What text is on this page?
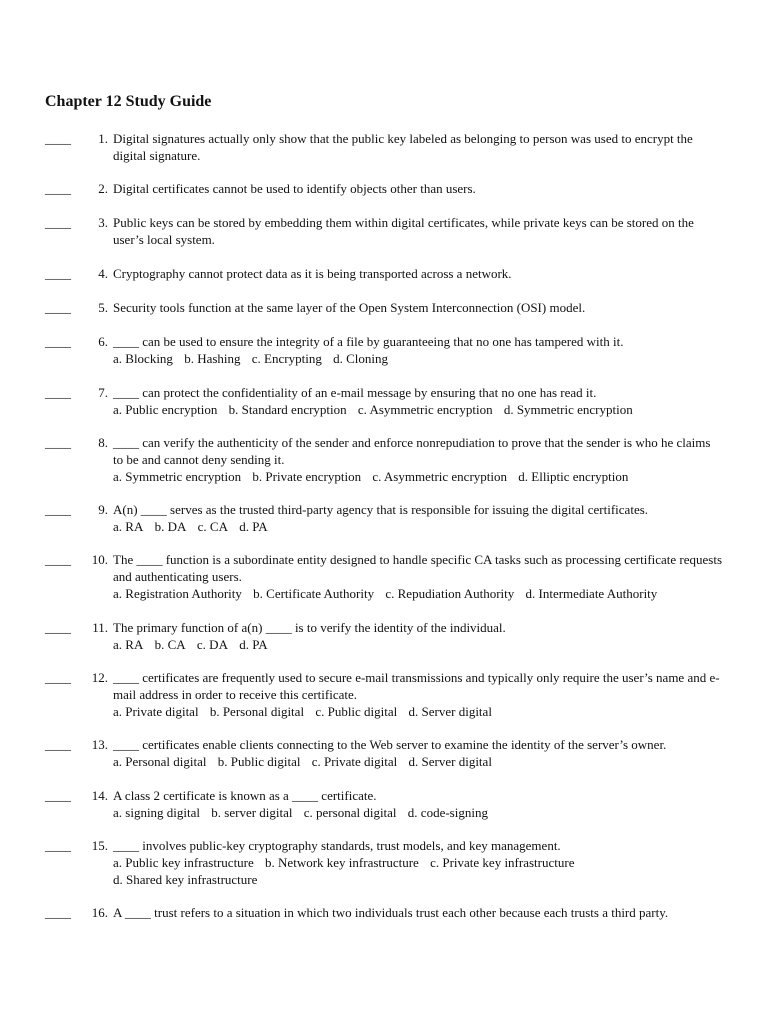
Chapter 12 Study Guide
____	1. Digital signatures actually only show that the public key labeled as belonging to person was used to encrypt the digital signature.
____	2. Digital certificates cannot be used to identify objects other than users.
____	3. Public keys can be stored by embedding them within digital certificates, while private keys can be stored on the user’s local system.
____	4. Cryptography cannot protect data as it is being transported across a network.
____	5. Security tools function at the same layer of the Open System Interconnection (OSI) model.
____	6. ____ can be used to ensure the integrity of a file by guaranteeing that no one has tampered with it.
a. Blocking b. Hashing c. Encrypting d. Cloning
____	7. ____ can protect the confidentiality of an e-mail message by ensuring that no one has read it.
a. Public encryption b. Standard encryption c. Asymmetric encryption d. Symmetric encryption
____	8. ____ can verify the authenticity of the sender and enforce nonrepudiation to prove that the sender is who he claims to be and cannot deny sending it.
a. Symmetric encryption b. Private encryption c. Asymmetric encryption d. Elliptic encryption
____	9. A(n) ____ serves as the trusted third-party agency that is responsible for issuing the digital certificates.
a. RA b. DA c. CA d. PA
____	10. The ____ function is a subordinate entity designed to handle specific CA tasks such as processing certificate requests and authenticating users.
a. Registration Authority b. Certificate Authority c. Repudiation Authority d. Intermediate Authority
____	11. The primary function of a(n) ____ is to verify the identity of the individual.
a. RA b. CA c. DA d. PA
____	12. ____ certificates are frequently used to secure e-mail transmissions and typically only require the user’s name and e-mail address in order to receive this certificate.
a. Private digital b. Personal digital c. Public digital d. Server digital
____	13. ____ certificates enable clients connecting to the Web server to examine the identity of the server’s owner.
a. Personal digital b. Public digital c. Private digital d. Server digital
____	14. A class 2 certificate is known as a ____ certificate.
a. signing digital b. server digital c. personal digital d. code-signing
____	15. ____ involves public-key cryptography standards, trust models, and key management.
a. Public key infrastructure b. Network key infrastructure c. Private key infrastructure d. Shared key infrastructure
____	16. A ____ trust refers to a situation in which two individuals trust each other because each trusts a third party.
